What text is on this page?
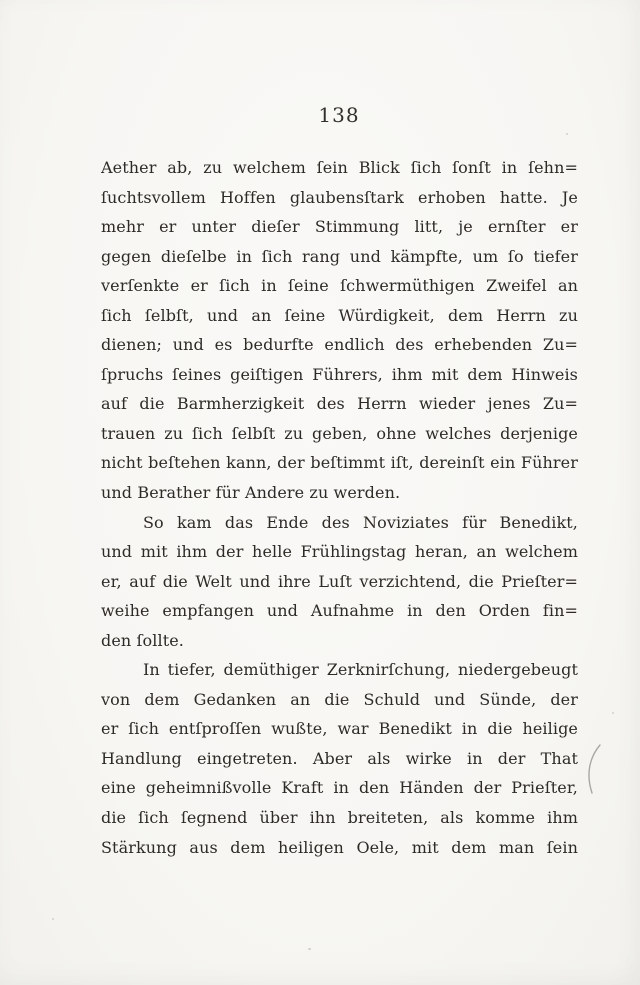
138
Aether ab, zu welchem ſein Blick ſich ſonſt in ſehn=
ſuchtsvollem Hoffen glaubensſtark erhoben hatte. Je
mehr er unter dieſer Stimmung litt, je ernſter er
gegen dieſelbe in ſich rang und kämpfte, um ſo tiefer
verſenkte er ſich in ſeine ſchwermüthigen Zweifel an
ſich ſelbſt, und an ſeine Würdigkeit, dem Herrn zu
dienen; und es bedurfte endlich des erhebenden Zu=
ſpruchs ſeines geiſtigen Führers, ihm mit dem Hinweis
auf die Barmherzigkeit des Herrn wieder jenes Zu=
trauen zu ſich ſelbſt zu geben, ohne welches derjenige
nicht beſtehen kann, der beſtimmt iſt, dereinſt ein Führer
und Berather für Andere zu werden.
So kam das Ende des Noviziates für Benedikt,
und mit ihm der helle Frühlingstag heran, an welchem
er, auf die Welt und ihre Luſt verzichtend, die Prieſter=
weihe empfangen und Aufnahme in den Orden fin=
den ſollte.
In tiefer, demüthiger Zerknirſchung, niedergebeugt
von dem Gedanken an die Schuld und Sünde, der
er ſich entſproſſen wußte, war Benedikt in die heilige
Handlung eingetreten. Aber als wirke in der That
eine geheimnißvolle Kraft in den Händen der Prieſter,
die ſich ſegnend über ihn breiteten, als komme ihm
Stärkung aus dem heiligen Oele, mit dem man ſein
